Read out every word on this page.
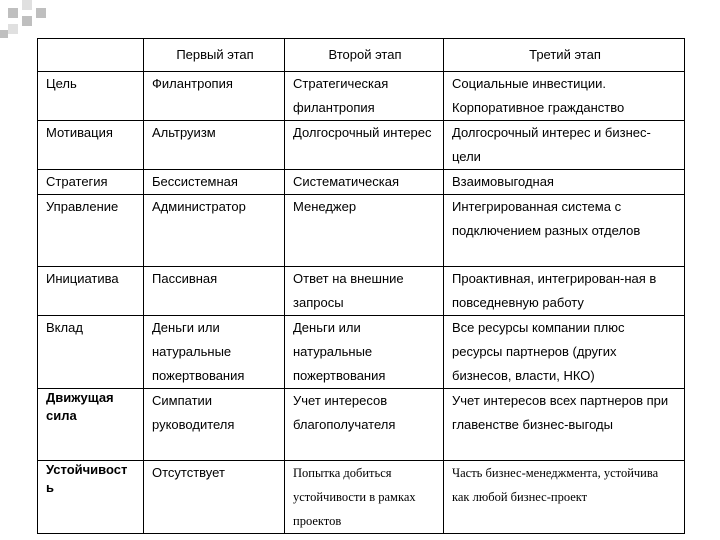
	Первый этап	Второй этап	Третий этап
Цель	Филантропия	Стратегическая филантропия	Социальные инвестиции. Корпоративное гражданство
Мотивация	Альтруизм	Долгосрочный интерес	Долгосрочный интерес и бизнес-цели
Стратегия	Бессистемная	Систематическая	Взаимовыгодная
Управление	Администратор	Менеджер	Интегрированная система с подключением разных отделов
Инициатива	Пассивная	Ответ на внешние запросы	Проактивная, интегрирован-ная в повседневную работу
Вклад	Деньги или натуральные пожертвования	Деньги или натуральные пожертвования	Все ресурсы компании плюс ресурсы партнеров (других бизнесов, власти, НКО)
Движущая сила	Симпатии руководителя	Учет интересов благополучателя	Учет интересов всех партнеров при главенстве бизнес-выгоды
Устойчивост ь	Отсутствует	Попытка добиться устойчивости в рамках проектов	Часть бизнес-менеджмента, устойчива как любой бизнес-проект
